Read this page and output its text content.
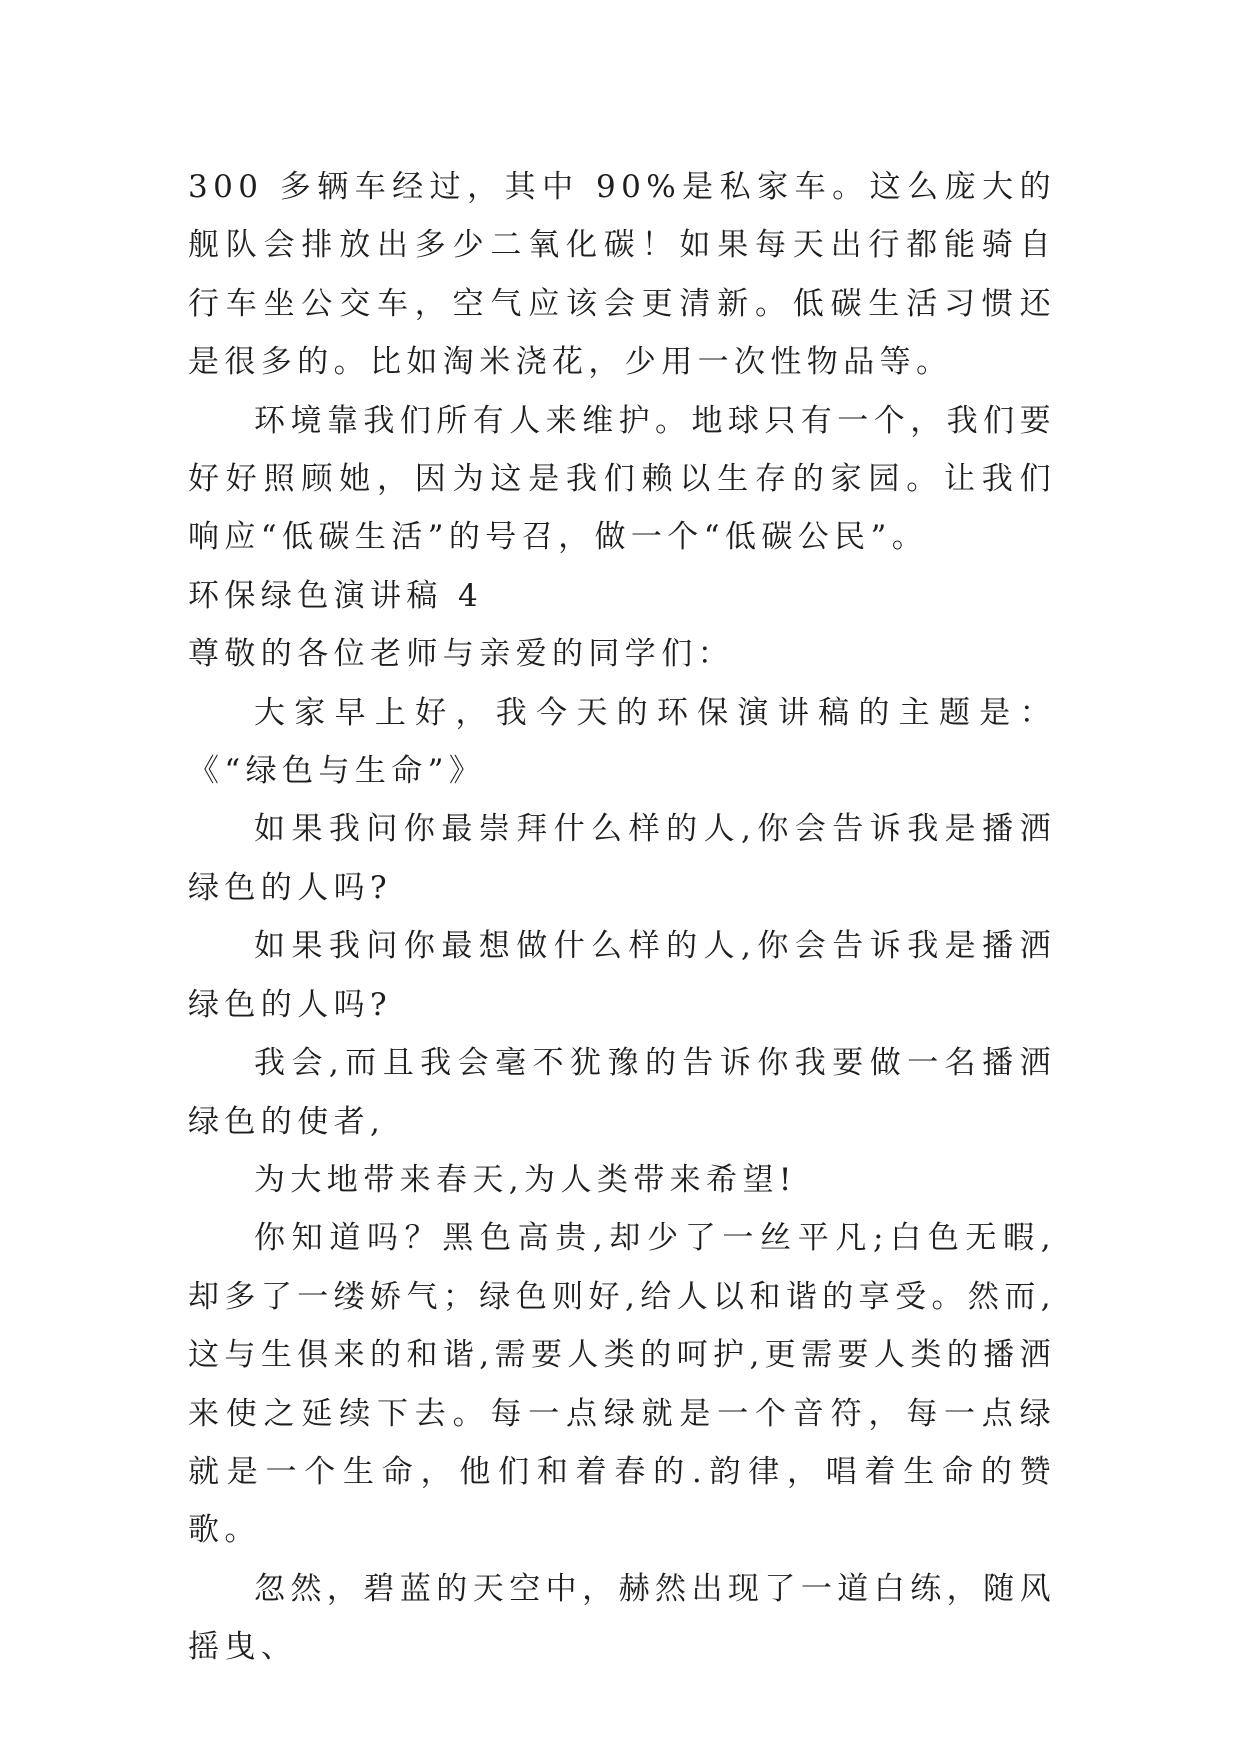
300 多辆车经过，其中 90%是私家车。这么庞大的舰队会排放出多少二氧化碳！如果每天出行都能骑自行车坐公交车，空气应该会更清新。低碳生活习惯还是很多的。比如淘米浇花，少用一次性物品等。

环境靠我们所有人来维护。地球只有一个，我们要好好照顾她，因为这是我们赖以生存的家园。让我们响应“低碳生活”的号召，做一个“低碳公民”。

环保绿色演讲稿 4

尊敬的各位老师与亲爱的同学们：

大家早上好，我今天的环保演讲稿的主题是：《“绿色与生命”》

如果我问你最崇拜什么样的人,你会告诉我是播洒绿色的人吗?

如果我问你最想做什么样的人,你会告诉我是播洒绿色的人吗?

我会,而且我会毫不犹豫的告诉你我要做一名播洒绿色的使者,

为大地带来春天,为人类带来希望!

你知道吗？黑色高贵,却少了一丝平凡;白色无暇,却多了一缕娇气；绿色则好,给人以和谐的享受。然而,这与生俱来的和谐,需要人类的呵护,更需要人类的播洒来使之延续下去。每一点绿就是一个音符，每一点绿就是一个生命，他们和着春的.韵律，唱着生命的赞歌。

忽然，碧蓝的天空中，赫然出现了一道白练，随风摇曳、
